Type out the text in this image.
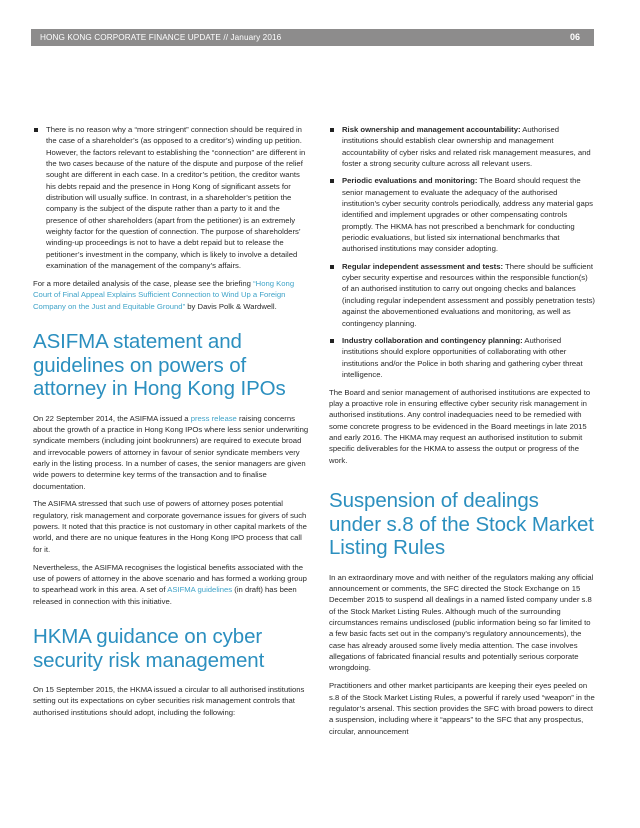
HONG KONG CORPORATE FINANCE UPDATE // January 2016	06
There is no reason why a “more stringent” connection should be required in the case of a shareholder’s (as opposed to a creditor’s) winding up petition. However, the factors relevant to establishing the “connection” are different in the two cases because of the nature of the dispute and purpose of the relief sought are different in each case. In a creditor’s petition, the creditor wants his debts repaid and the presence in Hong Kong of significant assets for distribution will usually suffice. In contrast, in a shareholder’s petition the company is the subject of the dispute rather than a party to it and the presence of other shareholders (apart from the petitioner) is an extremely weighty factor for the question of connection. The purpose of shareholders’ winding-up proceedings is not to have a debt repaid but to release the petitioner’s investment in the company, which is likely to involve a detailed examination of the management of the company’s affairs.

For a more detailed analysis of the case, please see the briefing “Hong Kong Court of Final Appeal Explains Sufficient Connection to Wind Up a Foreign Company on the Just and Equitable Ground” by Davis Polk & Wardwell.

ASIFMA statement and guidelines on powers of attorney in Hong Kong IPOs

On 22 September 2014, the ASIFMA issued a press release raising concerns about the growth of a practice in Hong Kong IPOs where less senior underwriting syndicate members (including joint bookrunners) are required to execute broad and irrevocable powers of attorney in favour of senior syndicate members very early in the listing process. In a number of cases, the senior managers are given wide powers to determine key terms of the transaction and to finalise documentation.

The ASIFMA stressed that such use of powers of attorney poses potential regulatory, risk management and corporate governance issues for givers of such powers. It noted that this practice is not customary in other capital markets of the world, and there are no unique features in the Hong Kong IPO process that call for it.

Nevertheless, the ASIFMA recognises the logistical benefits associated with the use of powers of attorney in the above scenario and has formed a working group to spearhead work in this area. A set of ASIFMA guidelines (in draft) has been released in connection with this initiative.

HKMA guidance on cyber security risk management

On 15 September 2015, the HKMA issued a circular to all authorised institutions setting out its expectations on cyber securities risk management controls that authorised institutions should adopt, including the following:

Risk ownership and management accountability: Authorised institutions should establish clear ownership and management accountability of cyber risks and related risk management measures, and foster a strong security culture across all relevant users.
Periodic evaluations and monitoring: The Board should request the senior management to evaluate the adequacy of the authorised institution’s cyber security controls periodically, address any material gaps identified and implement upgrades or other compensating controls promptly. The HKMA has not prescribed a benchmark for conducting periodic evaluations, but listed six international benchmarks that authorised institutions may consider adopting.
Regular independent assessment and tests: There should be sufficient cyber security expertise and resources within the responsible function(s) of an authorised institution to carry out ongoing checks and balances (including regular independent assessment and possibly penetration tests) against the abovementioned evaluations and monitoring, as well as contingency planning.
Industry collaboration and contingency planning: Authorised institutions should explore opportunities of collaborating with other institutions and/or the Police in both sharing and gathering cyber threat intelligence.

The Board and senior management of authorised institutions are expected to play a proactive role in ensuring effective cyber security risk management in authorised institutions. Any control inadequacies need to be remedied with some concrete progress to be evidenced in the Board meetings in late 2015 and early 2016. The HKMA may request an authorised institution to submit specific deliverables for the HKMA to assess the output or progress of the work.

Suspension of dealings under s.8 of the Stock Market Listing Rules

In an extraordinary move and with neither of the regulators making any official announcement or comments, the SFC directed the Stock Exchange on 15 December 2015 to suspend all dealings in a named listed company under s.8 of the Stock Market Listing Rules. Although much of the surrounding circumstances remains undisclosed (public information being so far limited to a few basic facts set out in the company’s regulatory announcements), the case has already aroused some lively media attention. The case involves allegations of fabricated financial results and potentially serious corporate wrongdoing.

Practitioners and other market participants are keeping their eyes peeled on s.8 of the Stock Market Listing Rules, a powerful if rarely used “weapon” in the regulator’s arsenal. This section provides the SFC with broad powers to direct a suspension, including where it “appears” to the SFC that any prospectus, circular, announcement
